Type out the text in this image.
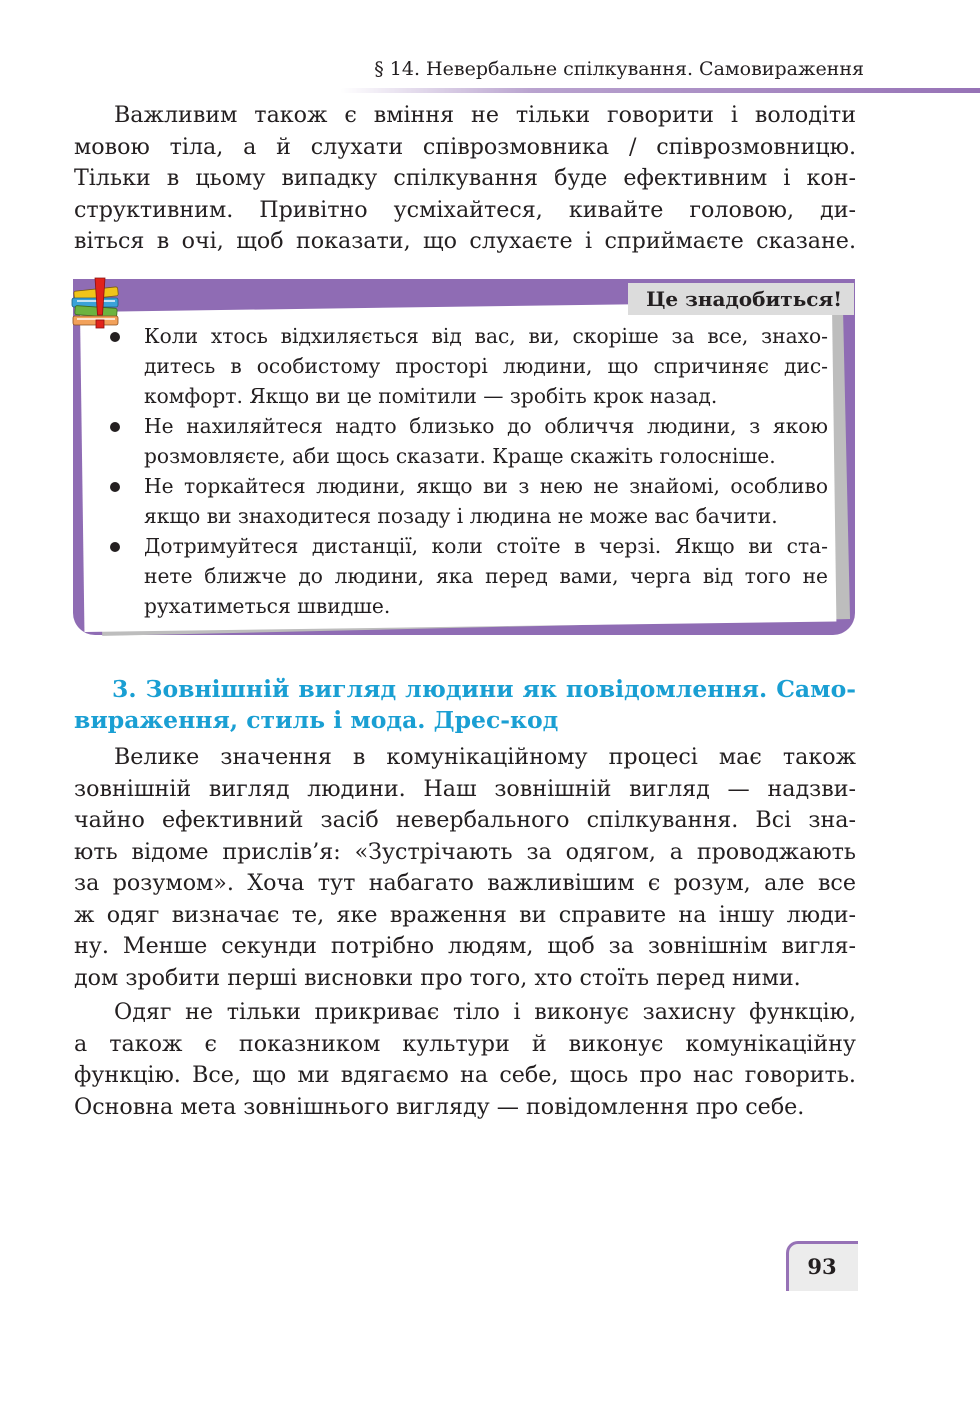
§ 14. Невербальне спілкування. Самовираження
Важливим також є вміння не тільки говорити і володіти
мовою тіла, а й слухати співрозмовника / співрозмовницю.
Тільки в цьому випадку спілкування буде ефективним і кон-
структивним. Привітно усміхайтеся, кивайте головою, ди-
віться в очі, щоб показати, що слухаєте і сприймаєте сказане.
Це знадобиться!
Коли хтось відхиляється від вас, ви, скоріше за все, знахо-
дитесь в особистому просторі людини, що спричиняє дис-
комфорт. Якщо ви це помітили — зробіть крок назад.
Не нахиляйтеся надто близько до обличчя людини, з якою
розмовляєте, аби щось сказати. Краще скажіть голосніше.
Не торкайтеся людини, якщо ви з нею не знайомі, особливо
якщо ви знаходитеся позаду і людина не може вас бачити.
Дотримуйтеся дистанції, коли стоїте в черзі. Якщо ви ста-
нете ближче до людини, яка перед вами, черга від того не
рухатиметься швидше.
3. Зовнішній вигляд людини як повідомлення. Само-
вираження, стиль і мода. Дрес-код
Велике значення в комунікаційному процесі має також
зовнішній вигляд людини. Наш зовнішній вигляд — надзви-
чайно ефективний засіб невербального спілкування. Всі зна-
ють відоме прислів’я: «Зустрічають за одягом, а проводжають
за розумом». Хоча тут набагато важливішим є розум, але все
ж одяг визначає те, яке враження ви справите на іншу люди-
ну. Менше секунди потрібно людям, щоб за зовнішнім вигля-
дом зробити перші висновки про того, хто стоїть перед ними.
Одяг не тільки прикриває тіло і виконує захисну функцію,
а також є показником культури й виконує комунікаційну
функцію. Все, що ми вдягаємо на себе, щось про нас говорить.
Основна мета зовнішнього вигляду — повідомлення про себе.
93
